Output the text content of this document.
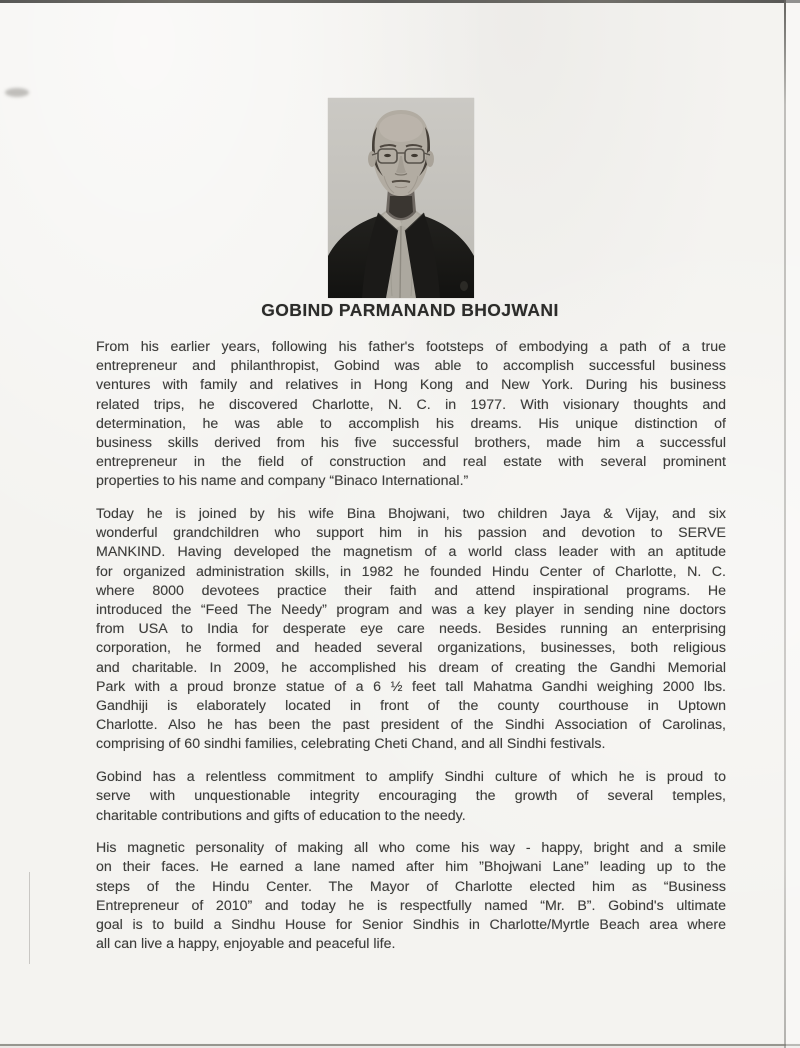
GOBIND PARMANAND BHOJWANI
From his earlier years, following his father's footsteps of embodying a path of a true
entrepreneur and philanthropist, Gobind was able to accomplish successful business
ventures with family and relatives in Hong Kong and New York. During his business
related trips, he discovered Charlotte, N. C. in 1977. With visionary thoughts and
determination, he was able to accomplish his dreams. His unique distinction of
business skills derived from his five successful brothers, made him a successful
entrepreneur in the field of construction and real estate with several prominent
properties to his name and company “Binaco International.”
Today he is joined by his wife Bina Bhojwani, two children Jaya & Vijay, and six
wonderful grandchildren who support him in his passion and devotion to SERVE
MANKIND. Having developed the magnetism of a world class leader with an aptitude
for organized administration skills, in 1982 he founded Hindu Center of Charlotte, N. C.
where 8000 devotees practice their faith and attend inspirational programs. He
introduced the “Feed The Needy” program and was a key player in sending nine doctors
from USA to India for desperate eye care needs. Besides running an enterprising
corporation, he formed and headed several organizations, businesses, both religious
and charitable. In 2009, he accomplished his dream of creating the Gandhi Memorial
Park with a proud bronze statue of a 6 ½ feet tall Mahatma Gandhi weighing 2000 lbs.
Gandhiji is elaborately located in front of the county courthouse in Uptown
Charlotte. Also he has been the past president of the Sindhi Association of Carolinas,
comprising of 60 sindhi families, celebrating Cheti Chand, and all Sindhi festivals.
Gobind has a relentless commitment to amplify Sindhi culture of which he is proud to
serve with unquestionable integrity encouraging the growth of several temples,
charitable contributions and gifts of education to the needy.
His magnetic personality of making all who come his way - happy, bright and a smile
on their faces. He earned a lane named after him ”Bhojwani Lane” leading up to the
steps of the Hindu Center. The Mayor of Charlotte elected him as “Business
Entrepreneur of 2010” and today he is respectfully named “Mr. B”. Gobind's ultimate
goal is to build a Sindhu House for Senior Sindhis in Charlotte/Myrtle Beach area where
all can live a happy, enjoyable and peaceful life.
